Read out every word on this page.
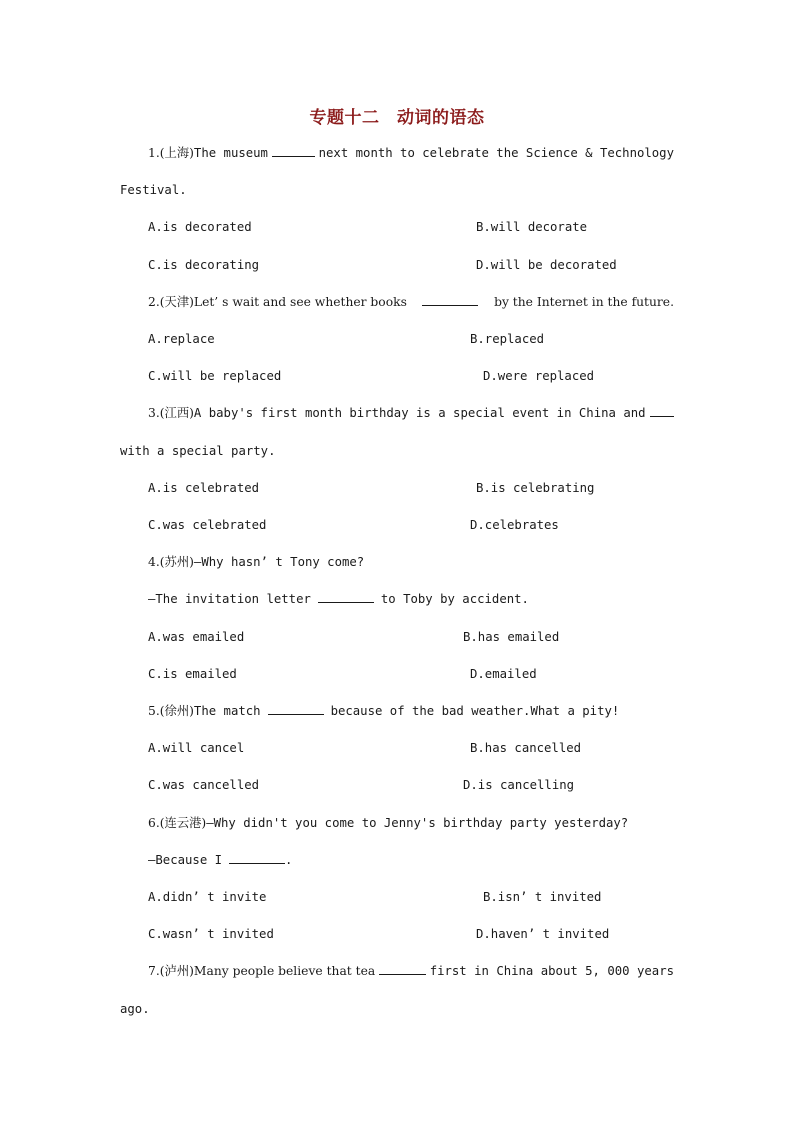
专题十二　动词的语态
1.(上海)The museum	next month to celebrate the Science & Technology
Festival.
A.is decorated	B.will decorate
C.is decorating	D.will be decorated
2.(天津)Let’ s wait and see whether books	by the Internet in the future.
A.replace	B.replaced
C.will be replaced	D.were replaced
3.(江西)A baby's first month birthday is a special event in China and
with a special party.
A.is celebrated	B.is celebrating
C.was celebrated	D.celebrates
4.(苏州)—Why hasn’ t Tony come?
—The invitation letter	to Toby by accident.
A.was emailed	B.has emailed
C.is emailed	D.emailed
5.(徐州)The match	because of the bad weather.What a pity!
A.will cancel	B.has cancelled
C.was cancelled	D.is cancelling
6.(连云港)—Why didn't you come to Jenny's birthday party yesterday?
—Because I	.
A.didn’ t invite	B.isn’ t invited
C.wasn’ t invited	D.haven’ t invited
7.(泸州)Many people believe that tea	first in China about 5, 000 years
ago.
